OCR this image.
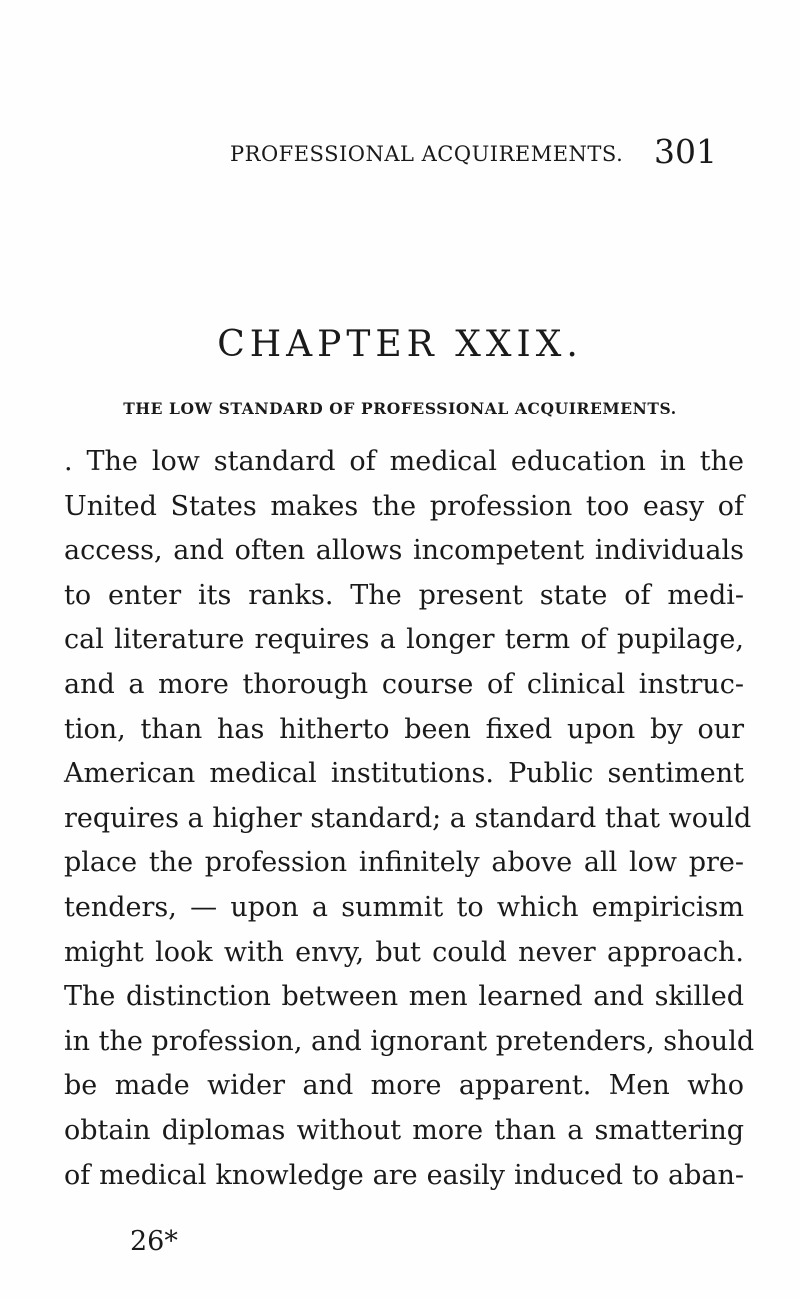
PROFESSIONAL ACQUIREMENTS. 301
CHAPTER XXIX.
THE LOW STANDARD OF PROFESSIONAL ACQUIREMENTS.
. The low standard of medical education in the
United States makes the profession too easy of
access, and often allows incompetent individuals
to enter its ranks. The present state of medi-
cal literature requires a longer term of pupilage,
and a more thorough course of clinical instruc-
tion, than has hitherto been fixed upon by our
American medical institutions. Public sentiment
requires a higher standard; a standard that would
place the profession infinitely above all low pre-
tenders, — upon a summit to which empiricism
might look with envy, but could never approach.
The distinction between men learned and skilled
in the profession, and ignorant pretenders, should
be made wider and more apparent. Men who
obtain diplomas without more than a smattering
of medical knowledge are easily induced to aban-
26*
